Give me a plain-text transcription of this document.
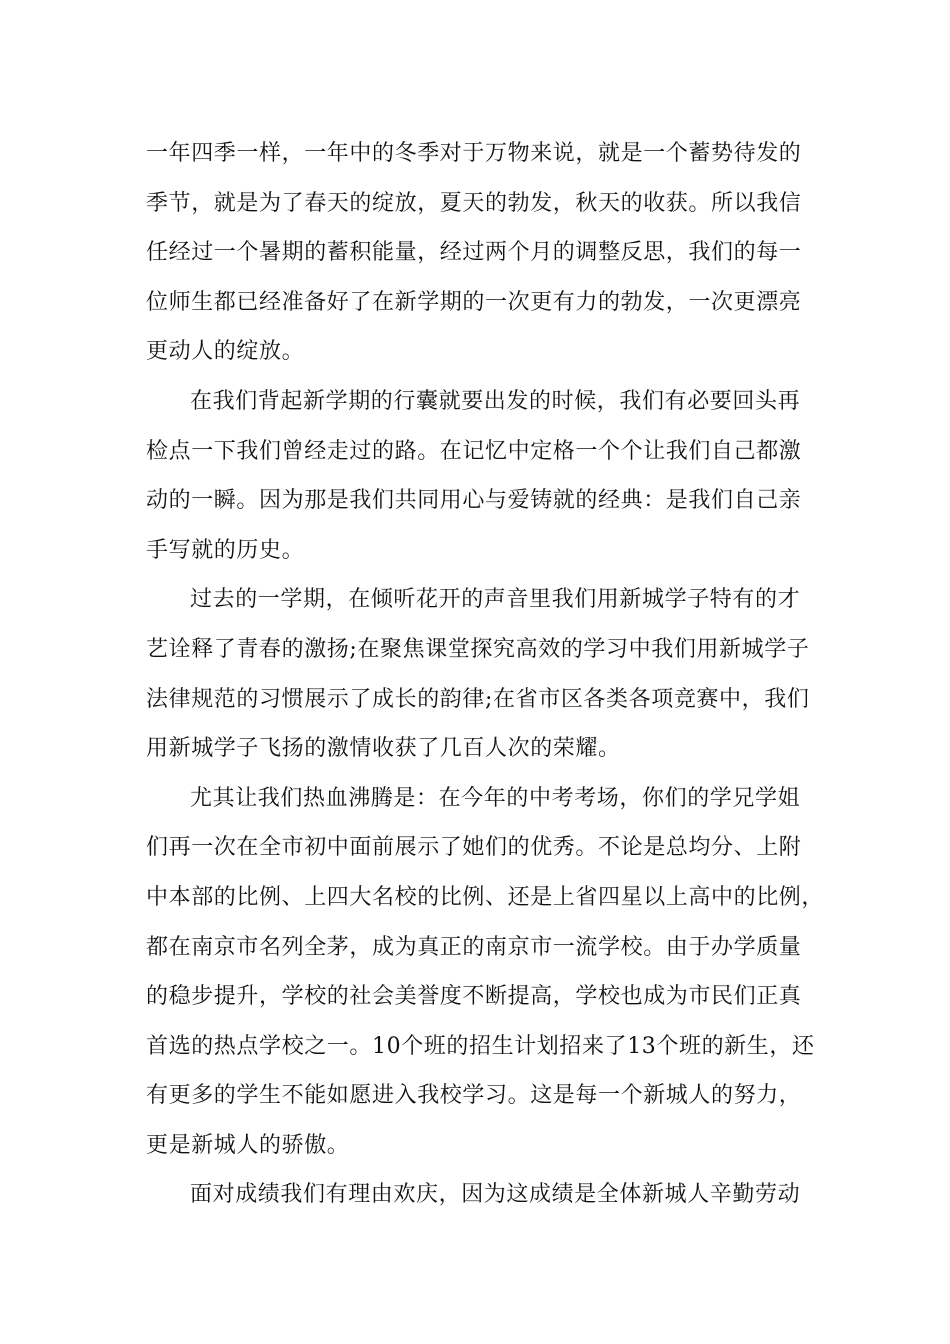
一年四季一样，一年中的冬季对于万物来说，就是一个蓄势待发的
季节，就是为了春天的绽放，夏天的勃发，秋天的收获。所以我信
任经过一个暑期的蓄积能量，经过两个月的调整反思，我们的每一
位师生都已经准备好了在新学期的一次更有力的勃发，一次更漂亮
更动人的绽放。
在我们背起新学期的行囊就要出发的时候，我们有必要回头再
检点一下我们曾经走过的路。在记忆中定格一个个让我们自己都激
动的一瞬。因为那是我们共同用心与爱铸就的经典：是我们自己亲
手写就的历史。
过去的一学期，在倾听花开的声音里我们用新城学子特有的才
艺诠释了青春的激扬;在聚焦课堂探究高效的学习中我们用新城学子
法律规范的习惯展示了成长的韵律;在省市区各类各项竞赛中，我们
用新城学子飞扬的激情收获了几百人次的荣耀。
尤其让我们热血沸腾是：在今年的中考考场，你们的学兄学姐
们再一次在全市初中面前展示了她们的优秀。不论是总均分、上附
中本部的比例、上四大名校的比例、还是上省四星以上高中的比例，
都在南京市名列全茅，成为真正的南京市一流学校。由于办学质量
的稳步提升，学校的社会美誉度不断提高，学校也成为市民们正真
首选的热点学校之一。10个班的招生计划招来了13个班的新生，还
有更多的学生不能如愿进入我校学习。这是每一个新城人的努力，
更是新城人的骄傲。
面对成绩我们有理由欢庆，因为这成绩是全体新城人辛勤劳动
